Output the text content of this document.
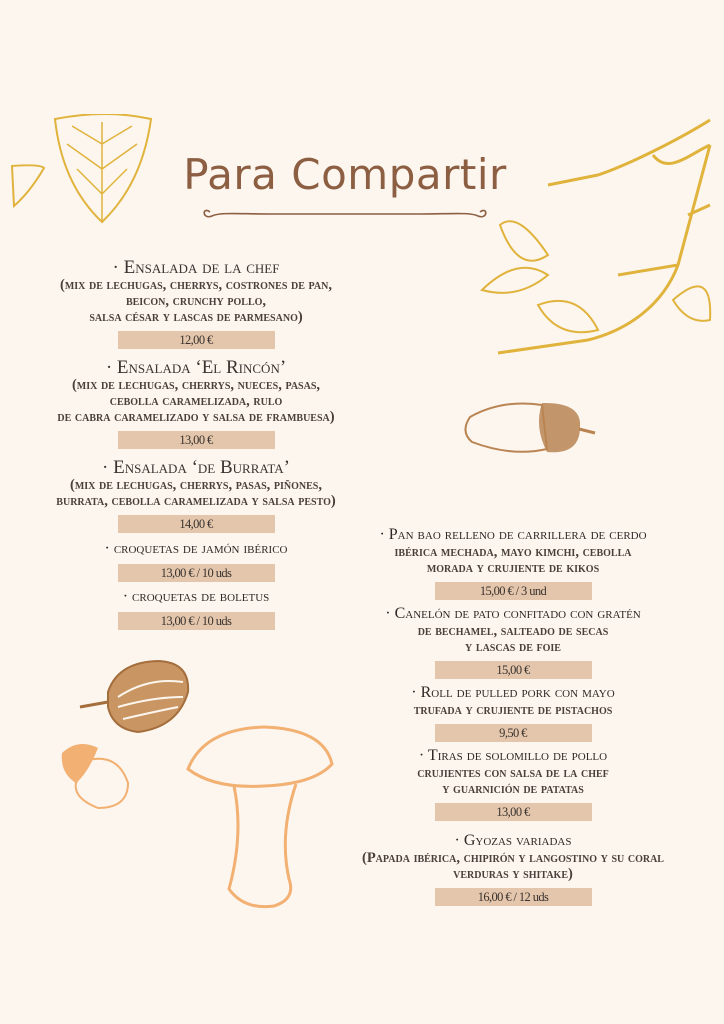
Para Compartir
· Ensalada de la chef
(mix de lechugas, cherrys, costrones de pan,
beicon, crunchy pollo,
salsa césar y lascas de parmesano)
12,00 €
· Ensalada ‘El Rincón’
(mix de lechugas, cherrys, nueces, pasas,
cebolla caramelizada, rulo
de cabra caramelizado y salsa de frambuesa)
13,00 €
· Ensalada ‘de Burrata’
(mix de lechugas, cherrys, pasas, piñones,
burrata, cebolla caramelizada y salsa pesto)
14,00 €
· croquetas de jamón ibérico
13,00 € / 10 uds
· croquetas de boletus
13,00 € / 10 uds
· Pan bao relleno de carrillera de cerdo
ibérica mechada, mayo kimchi, cebolla
morada y crujiente de kikos
15,00 € / 3 und
· Canelón de pato confitado con gratén
de bechamel, salteado de secas
y lascas de foie
15,00 €
· Roll de pulled pork con mayo
trufada y crujiente de pistachos
9,50 €
· Tiras de solomillo de pollo
crujientes con salsa de la chef
y guarnición de patatas
13,00 €
· Gyozas variadas
(Papada ibérica, chipirón y langostino y su coral
verduras y shitake)
16,00 € / 12 uds
